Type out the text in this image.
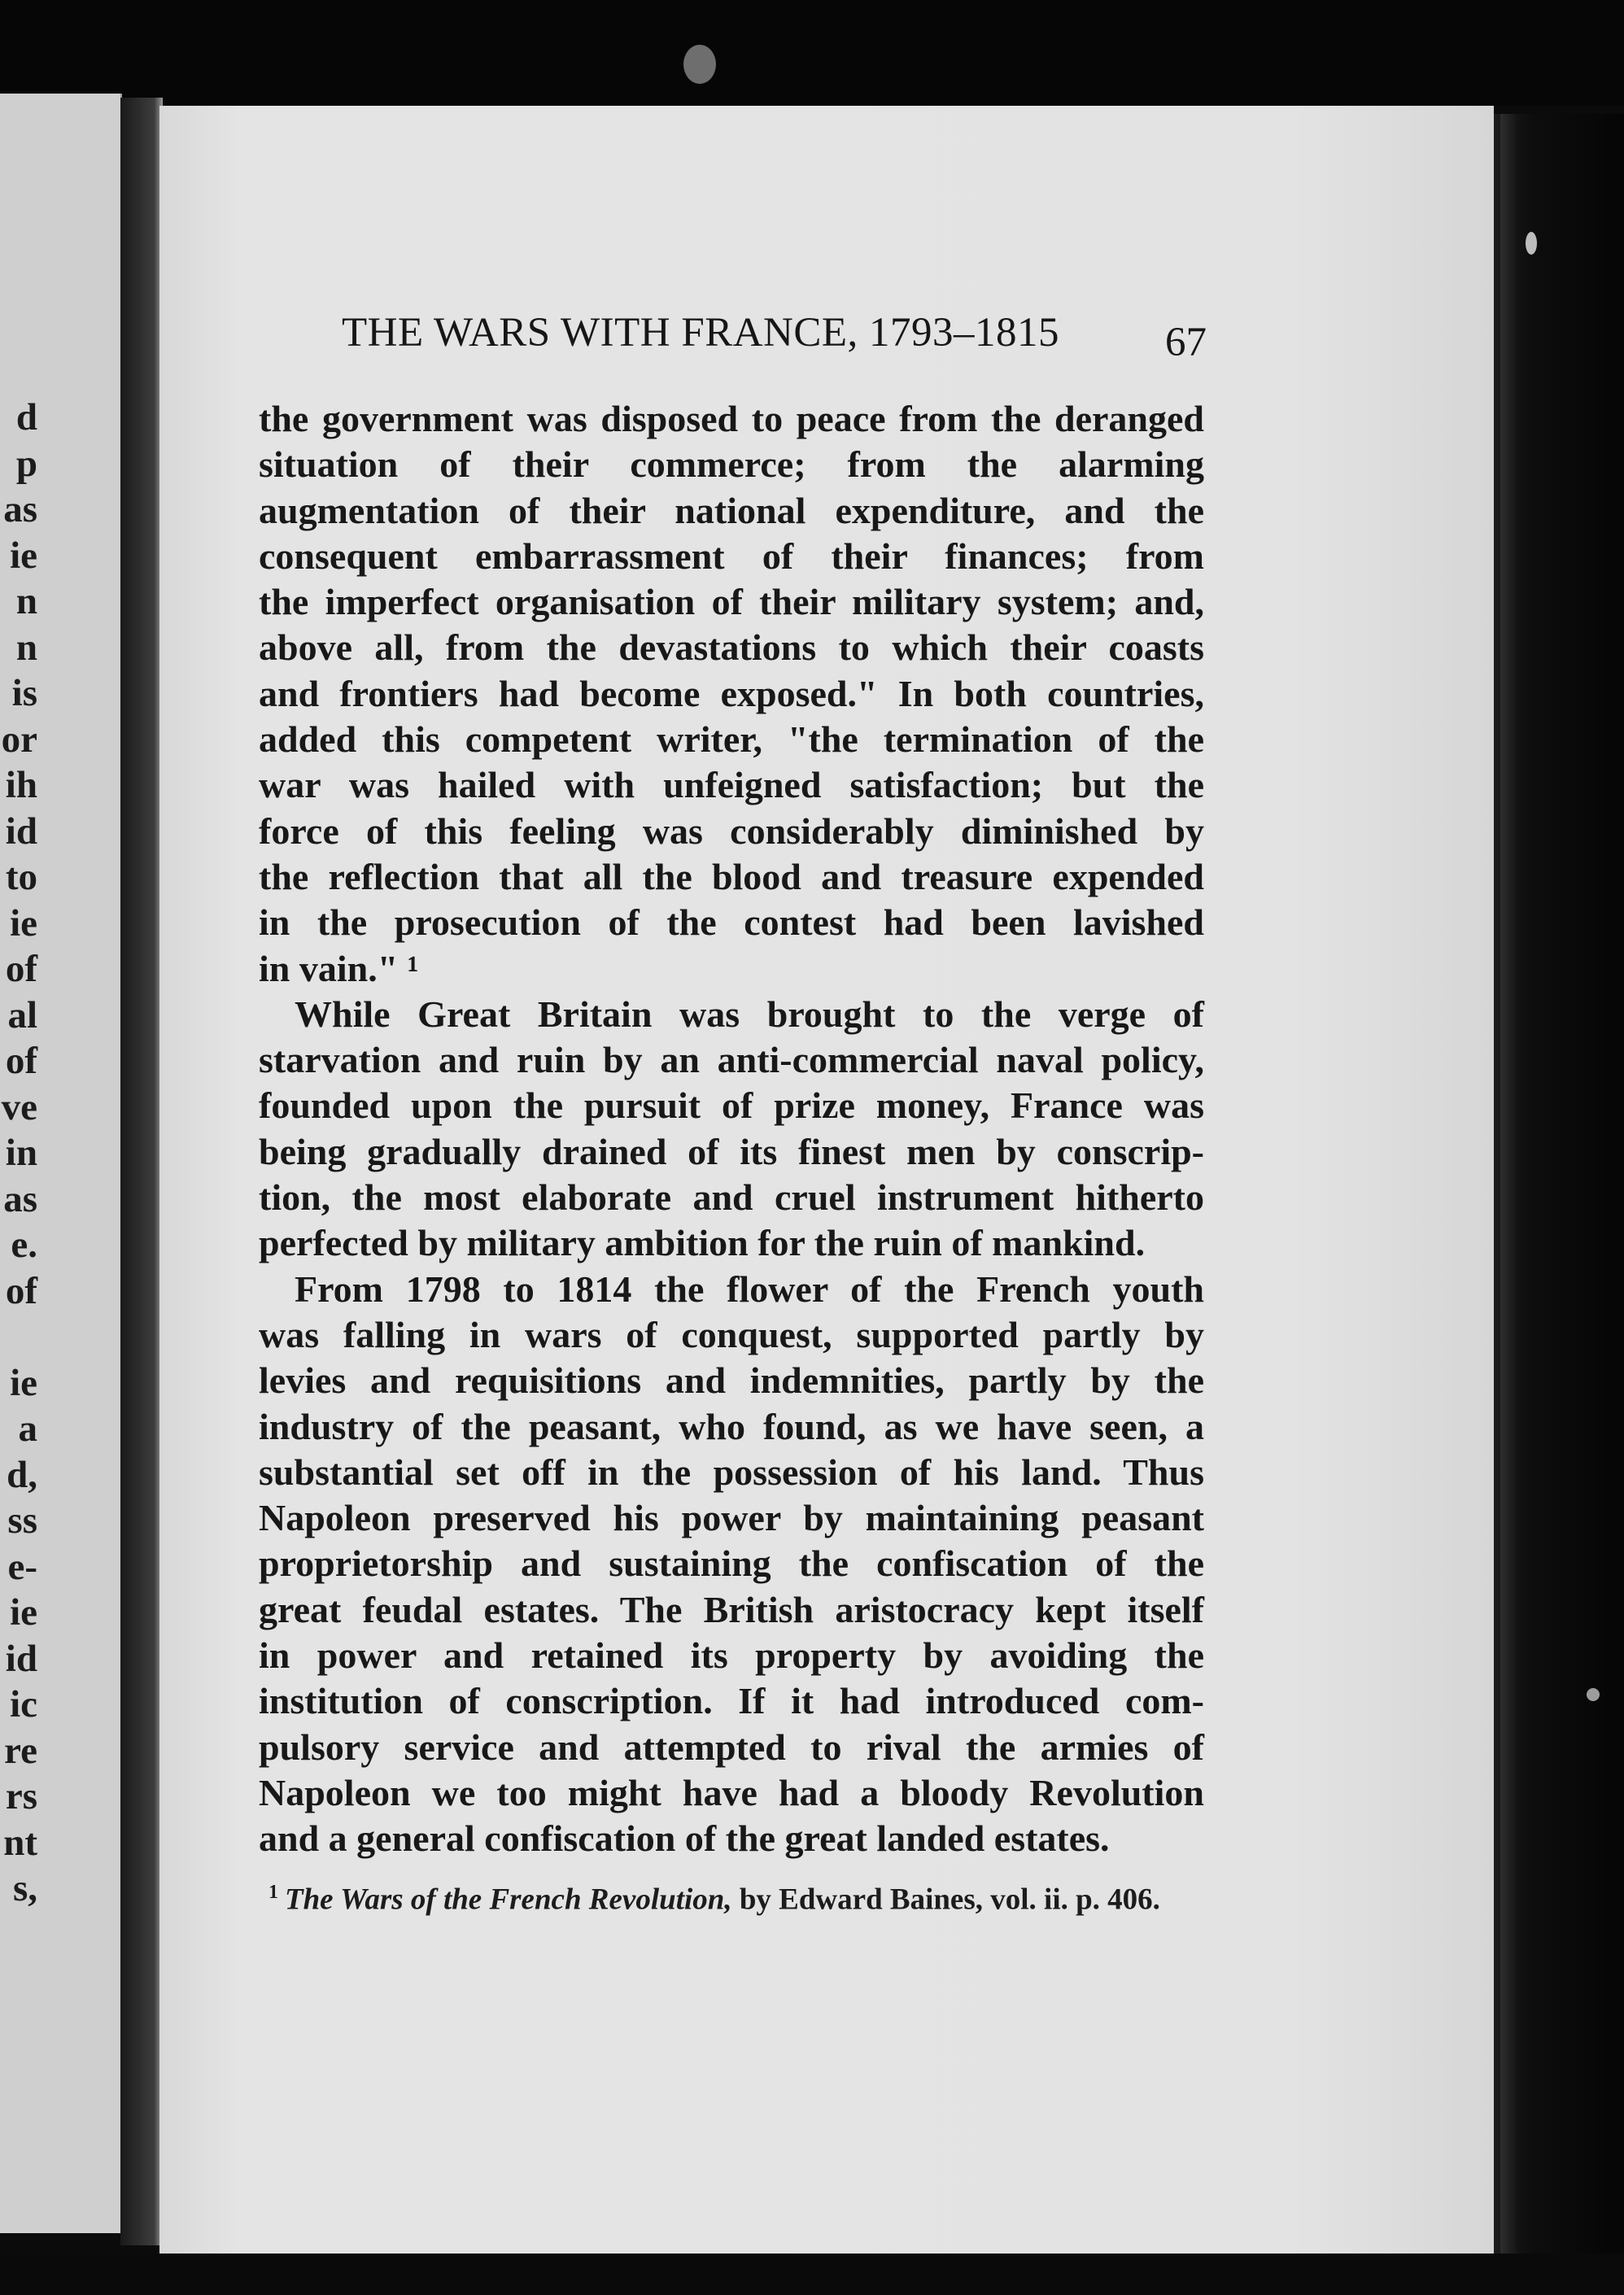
d
p
as
ie
n
n
is
or
ih
id
to
ie
of
al
of
ve
in
as
e.
of
ie
a
d,
ss
e-
ie
id
ic
re
rs
nt
s,
THE WARS WITH FRANCE, 1793–1815	67
the government was disposed to peace from the deranged
situation of their commerce; from the alarming
augmentation of their national expenditure, and the
consequent embarrassment of their finances; from
the imperfect organisation of their military system; and,
above all, from the devastations to which their coasts
and frontiers had become exposed." In both countries,
added this competent writer, "the termination of the
war was hailed with unfeigned satisfaction; but the
force of this feeling was considerably diminished by
the reflection that all the blood and treasure expended
in the prosecution of the contest had been lavished
in vain." ¹
While Great Britain was brought to the verge of
starvation and ruin by an anti-commercial naval policy,
founded upon the pursuit of prize money, France was
being gradually drained of its finest men by conscrip-
tion, the most elaborate and cruel instrument hitherto
perfected by military ambition for the ruin of mankind.
From 1798 to 1814 the flower of the French youth
was falling in wars of conquest, supported partly by
levies and requisitions and indemnities, partly by the
industry of the peasant, who found, as we have seen, a
substantial set off in the possession of his land. Thus
Napoleon preserved his power by maintaining peasant
proprietorship and sustaining the confiscation of the
great feudal estates. The British aristocracy kept itself
in power and retained its property by avoiding the
institution of conscription. If it had introduced com-
pulsory service and attempted to rival the armies of
Napoleon we too might have had a bloody Revolution
and a general confiscation of the great landed estates.
$^1$ The Wars of the French Revolution, by Edward Baines, vol. ii. p. 406.
